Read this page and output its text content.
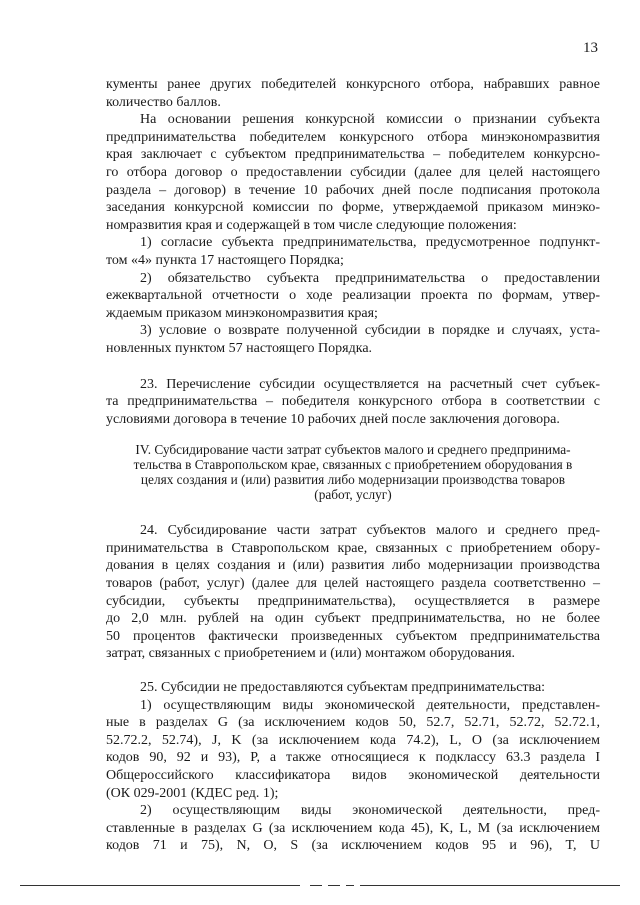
13
кументы ранее других победителей конкурсного отбора, набравших равное
количество баллов.
На основании решения конкурсной комиссии о признании субъекта
предпринимательства победителем конкурсного отбора минэкономразвития
края заключает с субъектом предпринимательства – победителем конкурсно-
го отбора договор о предоставлении субсидии (далее для целей настоящего
раздела – договор) в течение 10 рабочих дней после подписания протокола
заседания конкурсной комиссии по форме, утверждаемой приказом минэко-
номразвития края и содержащей в том числе следующие положения:
1) согласие субъекта предпринимательства, предусмотренное подпункт-
том «4» пункта 17 настоящего Порядка;
2) обязательство субъекта предпринимательства о предоставлении
ежеквартальной отчетности о ходе реализации проекта по формам, утвер-
ждаемым приказом минэкономразвития края;
3) условие о возврате полученной субсидии в порядке и случаях, уста-
новленных пунктом 57 настоящего Порядка.
23. Перечисление субсидии осуществляется на расчетный счет субъек-
та предпринимательства – победителя конкурсного отбора в соответствии с
условиями договора в течение 10 рабочих дней после заключения договора.
IV. Субсидирование части затрат субъектов малого и среднего предпринима-
тельства в Ставропольском крае, связанных с приобретением оборудования в
целях создания и (или) развития либо модернизации производства товаров
(работ, услуг)
24. Субсидирование части затрат субъектов малого и среднего пред-
принимательства в Ставропольском крае, связанных с приобретением обору-
дования в целях создания и (или) развития либо модернизации производства
товаров (работ, услуг) (далее для целей настоящего раздела соответственно –
субсидии, субъекты предпринимательства), осуществляется в размере
до 2,0 млн. рублей на один субъект предпринимательства, но не более
50 процентов фактически произведенных субъектом предпринимательства
затрат, связанных с приобретением и (или) монтажом оборудования.
25. Субсидии не предоставляются субъектам предпринимательства:
1) осуществляющим виды экономической деятельности, представлен-
ные в разделах G (за исключением кодов 50, 52.7, 52.71, 52.72, 52.72.1,
52.72.2, 52.74), J, K (за исключением кода 74.2), L, O (за исключением
кодов 90, 92 и 93), P, а также относящиеся к подклассу 63.3 раздела I
Общероссийского классификатора видов экономической деятельности
(ОК 029-2001 (КДЕС ред. 1);
2) осуществляющим виды экономической деятельности, пред-
ставленные в разделах G (за исключением кода 45), K, L, M (за исключением
кодов 71 и 75), N, O, S (за исключением кодов 95 и 96), T, U
